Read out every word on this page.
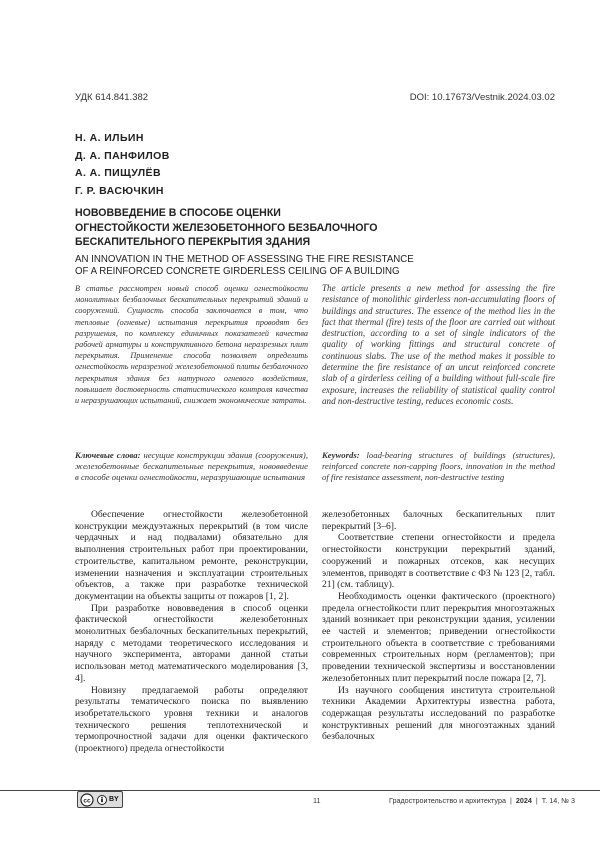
УДК 614.841.382	DOI: 10.17673/Vestnik.2024.03.02
Н. А. ИЛЬИН
Д. А. ПАНФИЛОВ
А. А. ПИЩУЛЁВ
Г. Р. ВАСЮЧКИН
НОВОВВЕДЕНИЕ В СПОСОБЕ ОЦЕНКИ
ОГНЕСТОЙКОСТИ ЖЕЛЕЗОБЕТОННОГО БЕЗБАЛОЧНОГО
БЕСКАПИТЕЛЬНОГО ПЕРЕКРЫТИЯ ЗДАНИЯ
AN INNOVATION IN THE METHOD OF ASSESSING THE FIRE RESISTANCE
OF A REINFORCED CONCRETE GIRDERLESS CEILING OF A BUILDING
В статье рассмотрен новый способ оценки огнестойкости монолитных безбалочных бескапительных перекрытий зданий и сооружений. Сущность способа заключается в том, что тепловые (огневые) испытания перекрытия проводят без разрушения, по комплексу единичных показателей качества рабочей арматуры и конструктивного бетона неразрезных плит перекрытия. Применение способа позволяет определить огнестойкость неразрезной железобетонной плиты безбалочного перекрытия здания без натурного огневого воздействия, повышает достоверность статистического контроля качества и неразрушающих испытаний, снижает экономические затраты.
The article presents a new method for assessing the fire resistance of monolithic girderless non-accumulating floors of buildings and structures. The essence of the method lies in the fact that thermal (fire) tests of the floor are carried out without destruction, according to a set of single indicators of the quality of working fittings and structural concrete of continuous slabs. The use of the method makes it possible to determine the fire resistance of an uncut reinforced concrete slab of a girderless ceiling of a building without full-scale fire exposure, increases the reliability of statistical quality control and non-destructive testing, reduces economic costs.
Ключевые слова: несущие конструкции здания (сооружения), железобетонные бескапительные перекрытия, нововведение в способе оценки огнестойкости, неразрушающие испытания
Keywords: load-bearing structures of buildings (structures), reinforced concrete non-capping floors, innovation in the method of fire resistance assessment, non-destructive testing

Обеспечение огнестойкости железобетонной конструкции междуэтажных перекрытий (в том числе чердачных и над подвалами) обязательно для выполнения строительных работ при проектировании, строительстве, капитальном ремонте, реконструкции, изменении назначения и эксплуатации строительных объектов, а также при разработке технической документации на объекты защиты от пожаров [1, 2].

При разработке нововведения в способ оценки фактической огнестойкости железобетонных монолитных безбалочных бескапительных перекрытий, наряду с методами теоретического исследования и научного эксперимента, авторами данной статьи использован метод математического моделирования [3, 4].

Новизну предлагаемой работы определяют результаты тематического поиска по выявлению изобретательского уровня техники и аналогов технического решения теплотехнической и термопрочностной задачи для оценки фактического (проектного) предела огнестойкости

железобетонных балочных бескапительных плит перекрытий [3–6].

Соответствие степени огнестойкости и предела огнестойкости конструкции перекрытий зданий, сооружений и пожарных отсеков, как несущих элементов, приводят в соответствие с ФЗ № 123 [2, табл. 21] (см. таблицу).

Необходимость оценки фактического (проектного) предела огнестойкости плит перекрытия многоэтажных зданий возникает при реконструкции здания, усилении ее частей и элементов; приведении огнестойкости строительного объекта в соответствие с требованиями современных строительных норм (регламентов); при проведении технической экспертизы и восстановлении железобетонных плит перекрытий после пожара [2, 7].

Из научного сообщения института строительной техники Академии Архитектуры известна работа, содержащая результаты исследований по разработке конструктивных решений для многоэтажных зданий безбалочных

cc	BY	11	Градостроительство и архитектура | 2024 | Т. 14, № 3
